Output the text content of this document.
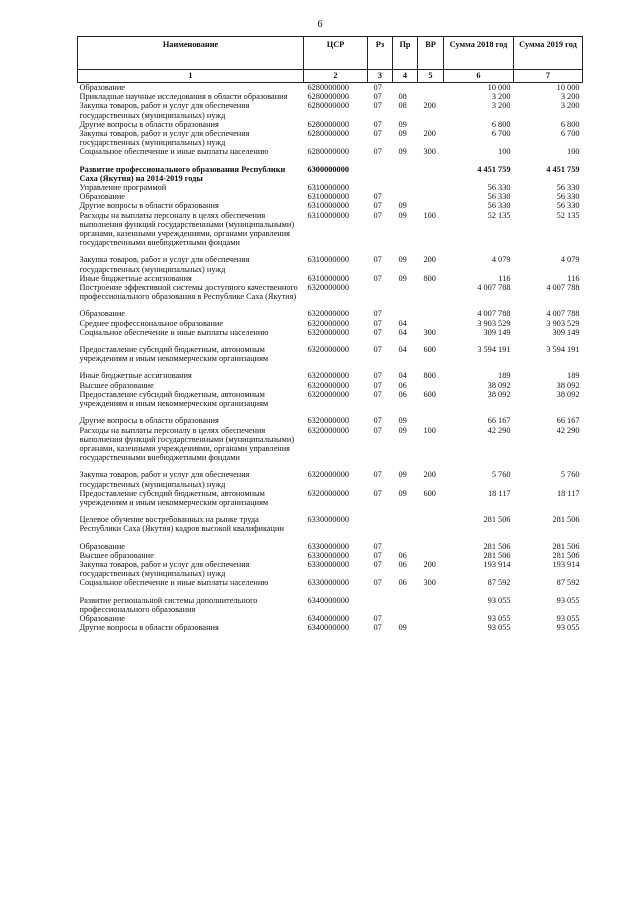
6
Наименование	ЦСР	Рз	Пр	ВР	Сумма 2018 год	Сумма 2019 год
1	2	3	4	5	6	7
Образование	6280000000	07			10 000	10 000
Прикладные научные исследования в области образования	6280000000	07	08		3 200	3 200
Закупка товаров, работ и услуг для обеспечения государственных (муниципальных) нужд	6280000000	07	08	200	3 200	3 200
Другие вопросы в области образования	6280000000	07	09		6 800	6 800
Закупка товаров, работ и услуг для обеспечения государственных (муниципальных) нужд	6280000000	07	09	200	6 700	6 700
Социальное обеспечение и иные выплаты населению	6280000000	07	09	300	100	100

Развитие профессионального образования Республики Саха (Якутия) на 2014-2019 годы	6300000000				4 451 759	4 451 759
Управление программой	6310000000				56 330	56 330
Образование	6310000000	07			56 330	56 330
Другие вопросы в области образования	6310000000	07	09		56 330	56 330
Расходы на выплаты персоналу в целях обеспечения выполнения функций государственными (муниципальными) органами, казенными учреждениями, органами управления государственными внебюджетными фондами	6310000000	07	09	100	52 135	52 135

Закупка товаров, работ и услуг для обеспечения государственных (муниципальных) нужд	6310000000	07	09	200	4 079	4 079
Иные бюджетные ассигнования	6310000000	07	09	800	116	116
Построение эффективной системы доступного качественного профессионального образования в Республике Саха (Якутия)	6320000000				4 007 788	4 007 788

Образование	6320000000	07			4 007 788	4 007 788
Среднее профессиональное образование	6320000000	07	04		3 903 529	3 903 529
Социальное обеспечение и иные выплаты населению	6320000000	07	04	300	309 149	309 149

Предоставление субсидий бюджетным, автономным учреждениям и иным некоммерческим организациям	6320000000	07	04	600	3 594 191	3 594 191

Иные бюджетные ассигнования	6320000000	07	04	800	189	189
Высшее образование	6320000000	07	06		38 092	38 092
Предоставление субсидий бюджетным, автономным учреждениям и иным некоммерческим организациям	6320000000	07	06	600	38 092	38 092

Другие вопросы в области образования	6320000000	07	09		66 167	66 167
Расходы на выплаты персоналу в целях обеспечения выполнения функций государственными (муниципальными) органами, казенными учреждениями, органами управления государственными внебюджетными фондами	6320000000	07	09	100	42 290	42 290

Закупка товаров, работ и услуг для обеспечения государственных (муниципальных) нужд	6320000000	07	09	200	5 760	5 760
Предоставление субсидий бюджетным, автономным учреждениям и иным некоммерческим организациям	6320000000	07	09	600	18 117	18 117

Целевое обучение востребованных на рынке труда Республики Саха (Якутия) кадров высокой квалификации	6330000000				281 506	281 506

Образование	6330000000	07			281 506	281 506
Высшее образование	6330000000	07	06		281 506	281 506
Закупка товаров, работ и услуг для обеспечения государственных (муниципальных) нужд	6330000000	07	06	200	193 914	193 914
Социальное обеспечение и иные выплаты населению	6330000000	07	06	300	87 592	87 592

Развитие региональной системы дополнительного профессионального образования	6340000000				93 055	93 055
Образование	6340000000	07			93 055	93 055
Другие вопросы в области образования	6340000000	07	09		93 055	93 055
